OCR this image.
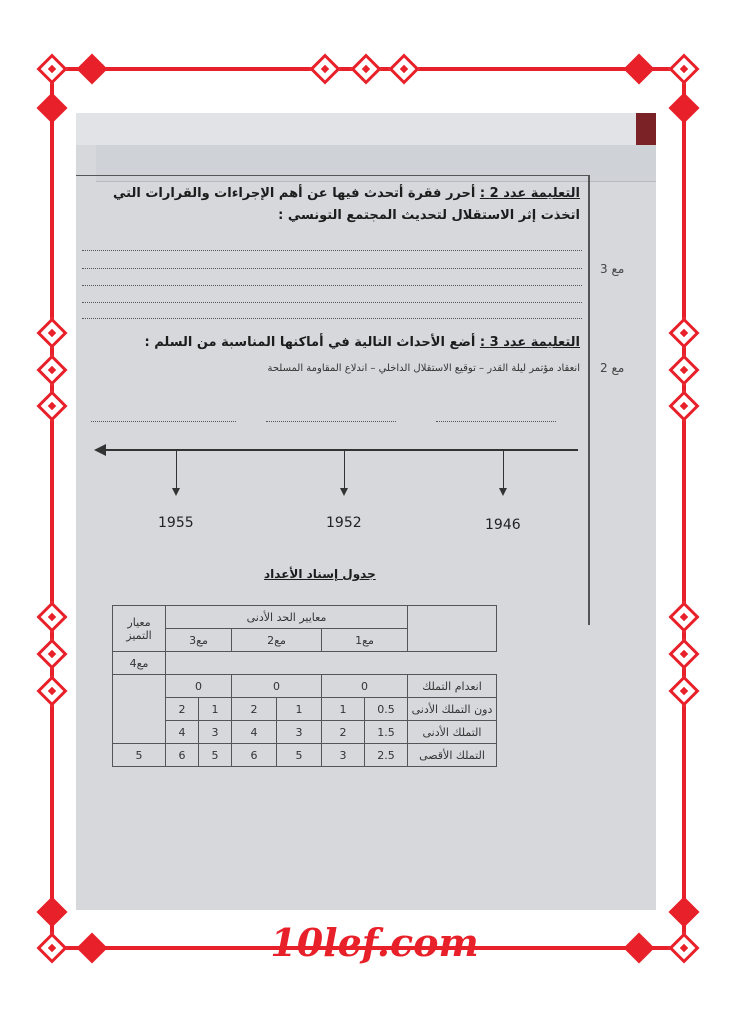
التعليمة عدد 2 : أحرر فقرة أتحدث فيها عن أهم الإجراءات والقرارات التي اتخذت إثر الاستقلال لتحديث المجتمع التونسي :
مع 3
مع 2
التعليمة عدد 3 : أضع الأحداث التالية في أماكنها المناسبة من السلم :
انعقاد مؤتمر ليلة القدر – توقيع الاستقلال الداخلي – اندلاع المقاومة المسلحة
1955	1952	1946
جدول إسناد الأعداد
معيار التميز	معايير الحد الأدنى						
	مع3		مع2		مع1		
مع4							
	0		0		0		انعدام التملك
	2	1	2	1	1	0.5	دون التملك الأدنى
	4	3	4	3	2	1.5	التملك الأدنى
5	6	5	6	5	3	2.5	التملك الأقصى
10lef.com
